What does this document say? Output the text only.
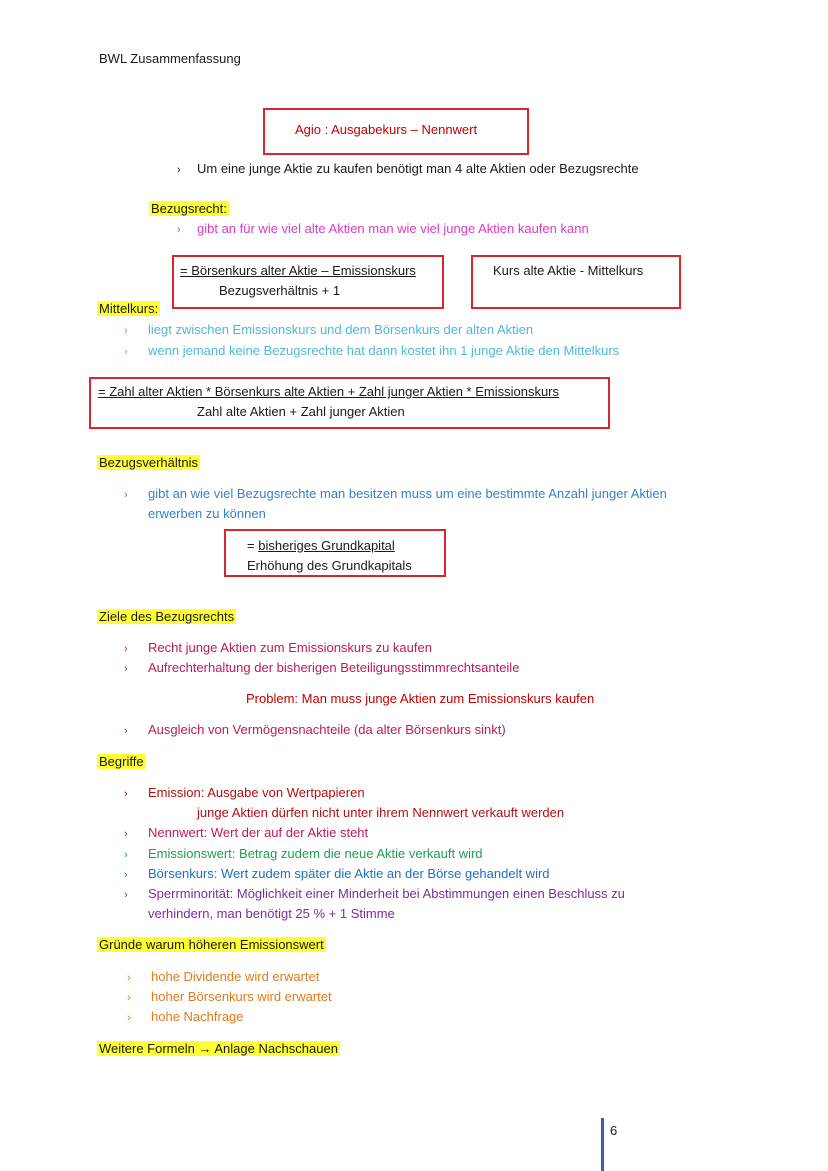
BWL Zusammenfassung
Agio : Ausgabekurs – Nennwert
› Um eine junge Aktie zu kaufen benötigt man 4 alte Aktien oder Bezugsrechte
Bezugsrecht:
› gibt an für wie viel alte Aktien man wie viel junge Aktien kaufen kann
= Börsenkurs alter Aktie – Emissionskurs
Bezugsverhältnis + 1
Kurs alte Aktie - Mittelkurs
Mittelkurs:
› liegt zwischen Emissionskurs und dem Börsenkurs der alten Aktien
› wenn jemand keine Bezugsrechte hat dann kostet ihn 1 junge Aktie den Mittelkurs
= Zahl alter Aktien * Börsenkurs alte Aktien + Zahl junger Aktien * Emissionskurs
Zahl alte Aktien + Zahl junger Aktien
Bezugsverhältnis
› gibt an wie viel Bezugsrechte man besitzen muss um eine bestimmte Anzahl junger Aktien
erwerben zu können
= bisheriges Grundkapital
Erhöhung des Grundkapitals
Ziele des Bezugsrechts
› Recht junge Aktien zum Emissionskurs zu kaufen
› Aufrechterhaltung der bisherigen Beteiligungsstimmrechtsanteile
Problem: Man muss junge Aktien zum Emissionskurs kaufen
› Ausgleich von Vermögensnachteile (da alter Börsenkurs sinkt)
Begriffe
› Emission: Ausgabe von Wertpapieren
junge Aktien dürfen nicht unter ihrem Nennwert verkauft werden
› Nennwert: Wert der auf der Aktie steht
› Emissionswert: Betrag zudem die neue Aktie verkauft wird
› Börsenkurs: Wert zudem später die Aktie an der Börse gehandelt wird
› Sperrminorität: Möglichkeit einer Minderheit bei Abstimmungen einen Beschluss zu
verhindern, man benötigt 25 % + 1 Stimme
Gründe warum höheren Emissionswert
› hohe Dividende wird erwartet
› hoher Börsenkurs wird erwartet
› hohe Nachfrage
Weitere Formeln → Anlage Nachschauen
6
